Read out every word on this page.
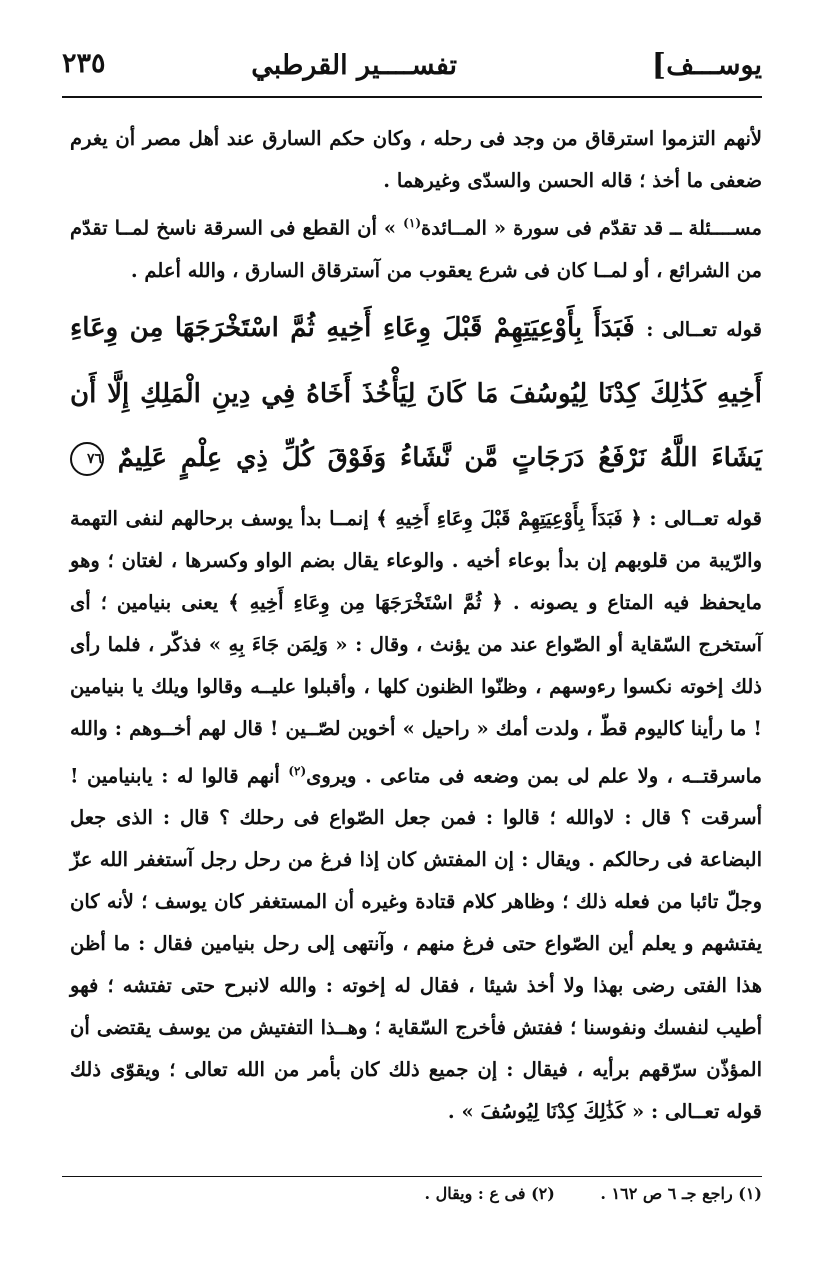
يوســـف
]
تفســــير القرطبي
٢٣٥

لأنهم التزموا استرقاق من وجد فى رحله ، وكان حكم السارق عند أهل مصر أن يغرم ضعفى ما أخذ ؛ قاله الحسن والسدّى وغيرهما .

مســــئلة ــ قد تقدّم فى سورة « المــائدة$^{(١)}$ » أن القطع فى السرقة ناسخ لمــا تقدّم من الشرائع ، أو لمــا كان فى شرع يعقوب من آسترقاق السارق ، والله أعلم .

قوله تعــالى : فَبَدَأَ بِأَوْعِيَتِهِمْ قَبْلَ وِعَاءِ أَخِيهِ ثُمَّ اسْتَخْرَجَهَا مِن وِعَاءِ أَخِيهِ كَذَٰلِكَ كِدْنَا لِيُوسُفَ مَا كَانَ لِيَأْخُذَ أَخَاهُ فِي دِينِ الْمَلِكِ إِلَّا أَن يَشَاءَ اللَّهُ نَرْفَعُ دَرَجَاتٍ مَّن نَّشَاءُ وَفَوْقَ كُلِّ ذِي عِلْمٍ عَلِيمٌ ٧٦

قوله تعــالى : ﴿ فَبَدَأَ بِأَوْعِيَتِهِمْ قَبْلَ وِعَاءِ أَخِيهِ ﴾ إنمــا بدأ يوسف برحالهم لنفى التهمة والرّيبة من قلوبهم إن بدأ بوعاء أخيه . والوعاء يقال بضم الواو وكسرها ، لغتان ؛ وهو مايحفظ فيه المتاع و يصونه . ﴿ ثُمَّ اسْتَخْرَجَهَا مِن وِعَاءِ أَخِيهِ ﴾ يعنى بنيامين ؛ أى آستخرج السّقاية أو الصّواع عند من يؤنث ، وقال : « وَلِمَن جَاءَ بِهِ » فذكّر ، فلما رأى ذلك إخوته نكسوا رءوسهم ، وظنّوا الظنون كلها ، وأقبلوا عليــه وقالوا ويلك يا بنيامين ! ما رأينا كاليوم قطّ ، ولدت أمك « راحيل » أخوين لصّــين ! قال لهم أخــوهم : والله ماسرقتــه ، ولا علم لى بمن وضعه فى متاعى . ويروى$^{(٢)}$ أنهم قالوا له : يابنيامين ! أسرقت ؟ قال : لاوالله ؛ قالوا : فمن جعل الصّواع فى رحلك ؟ قال : الذى جعل البضاعة فى رحالكم . ويقال : إن المفتش كان إذا فرغ من رحل رجل آستغفر الله عزّ وجلّ تائبا من فعله ذلك ؛ وظاهر كلام قتادة وغيره أن المستغفر كان يوسف ؛ لأنه كان يفتشهم و يعلم أين الصّواع حتى فرغ منهم ، وآنتهى إلى رحل بنيامين فقال : ما أظن هذا الفتى رضى بهذا ولا أخذ شيئا ، فقال له إخوته : والله لانبرح حتى تفتشه ؛ فهو أطيب لنفسك ونفوسنا ؛ ففتش فأخرج السّقاية ؛ وهــذا التفتيش من يوسف يقتضى أن المؤذّن سرّقهم برأيه ، فيقال : إن جميع ذلك كان بأمر من الله تعالى ؛ ويقوّى ذلك قوله تعــالى : « كَذَٰلِكَ كِدْنَا لِيُوسُفَ » .

(١) راجع جـ ٦ ص ١٦٢ . (٢) فى ع : ويقال .
